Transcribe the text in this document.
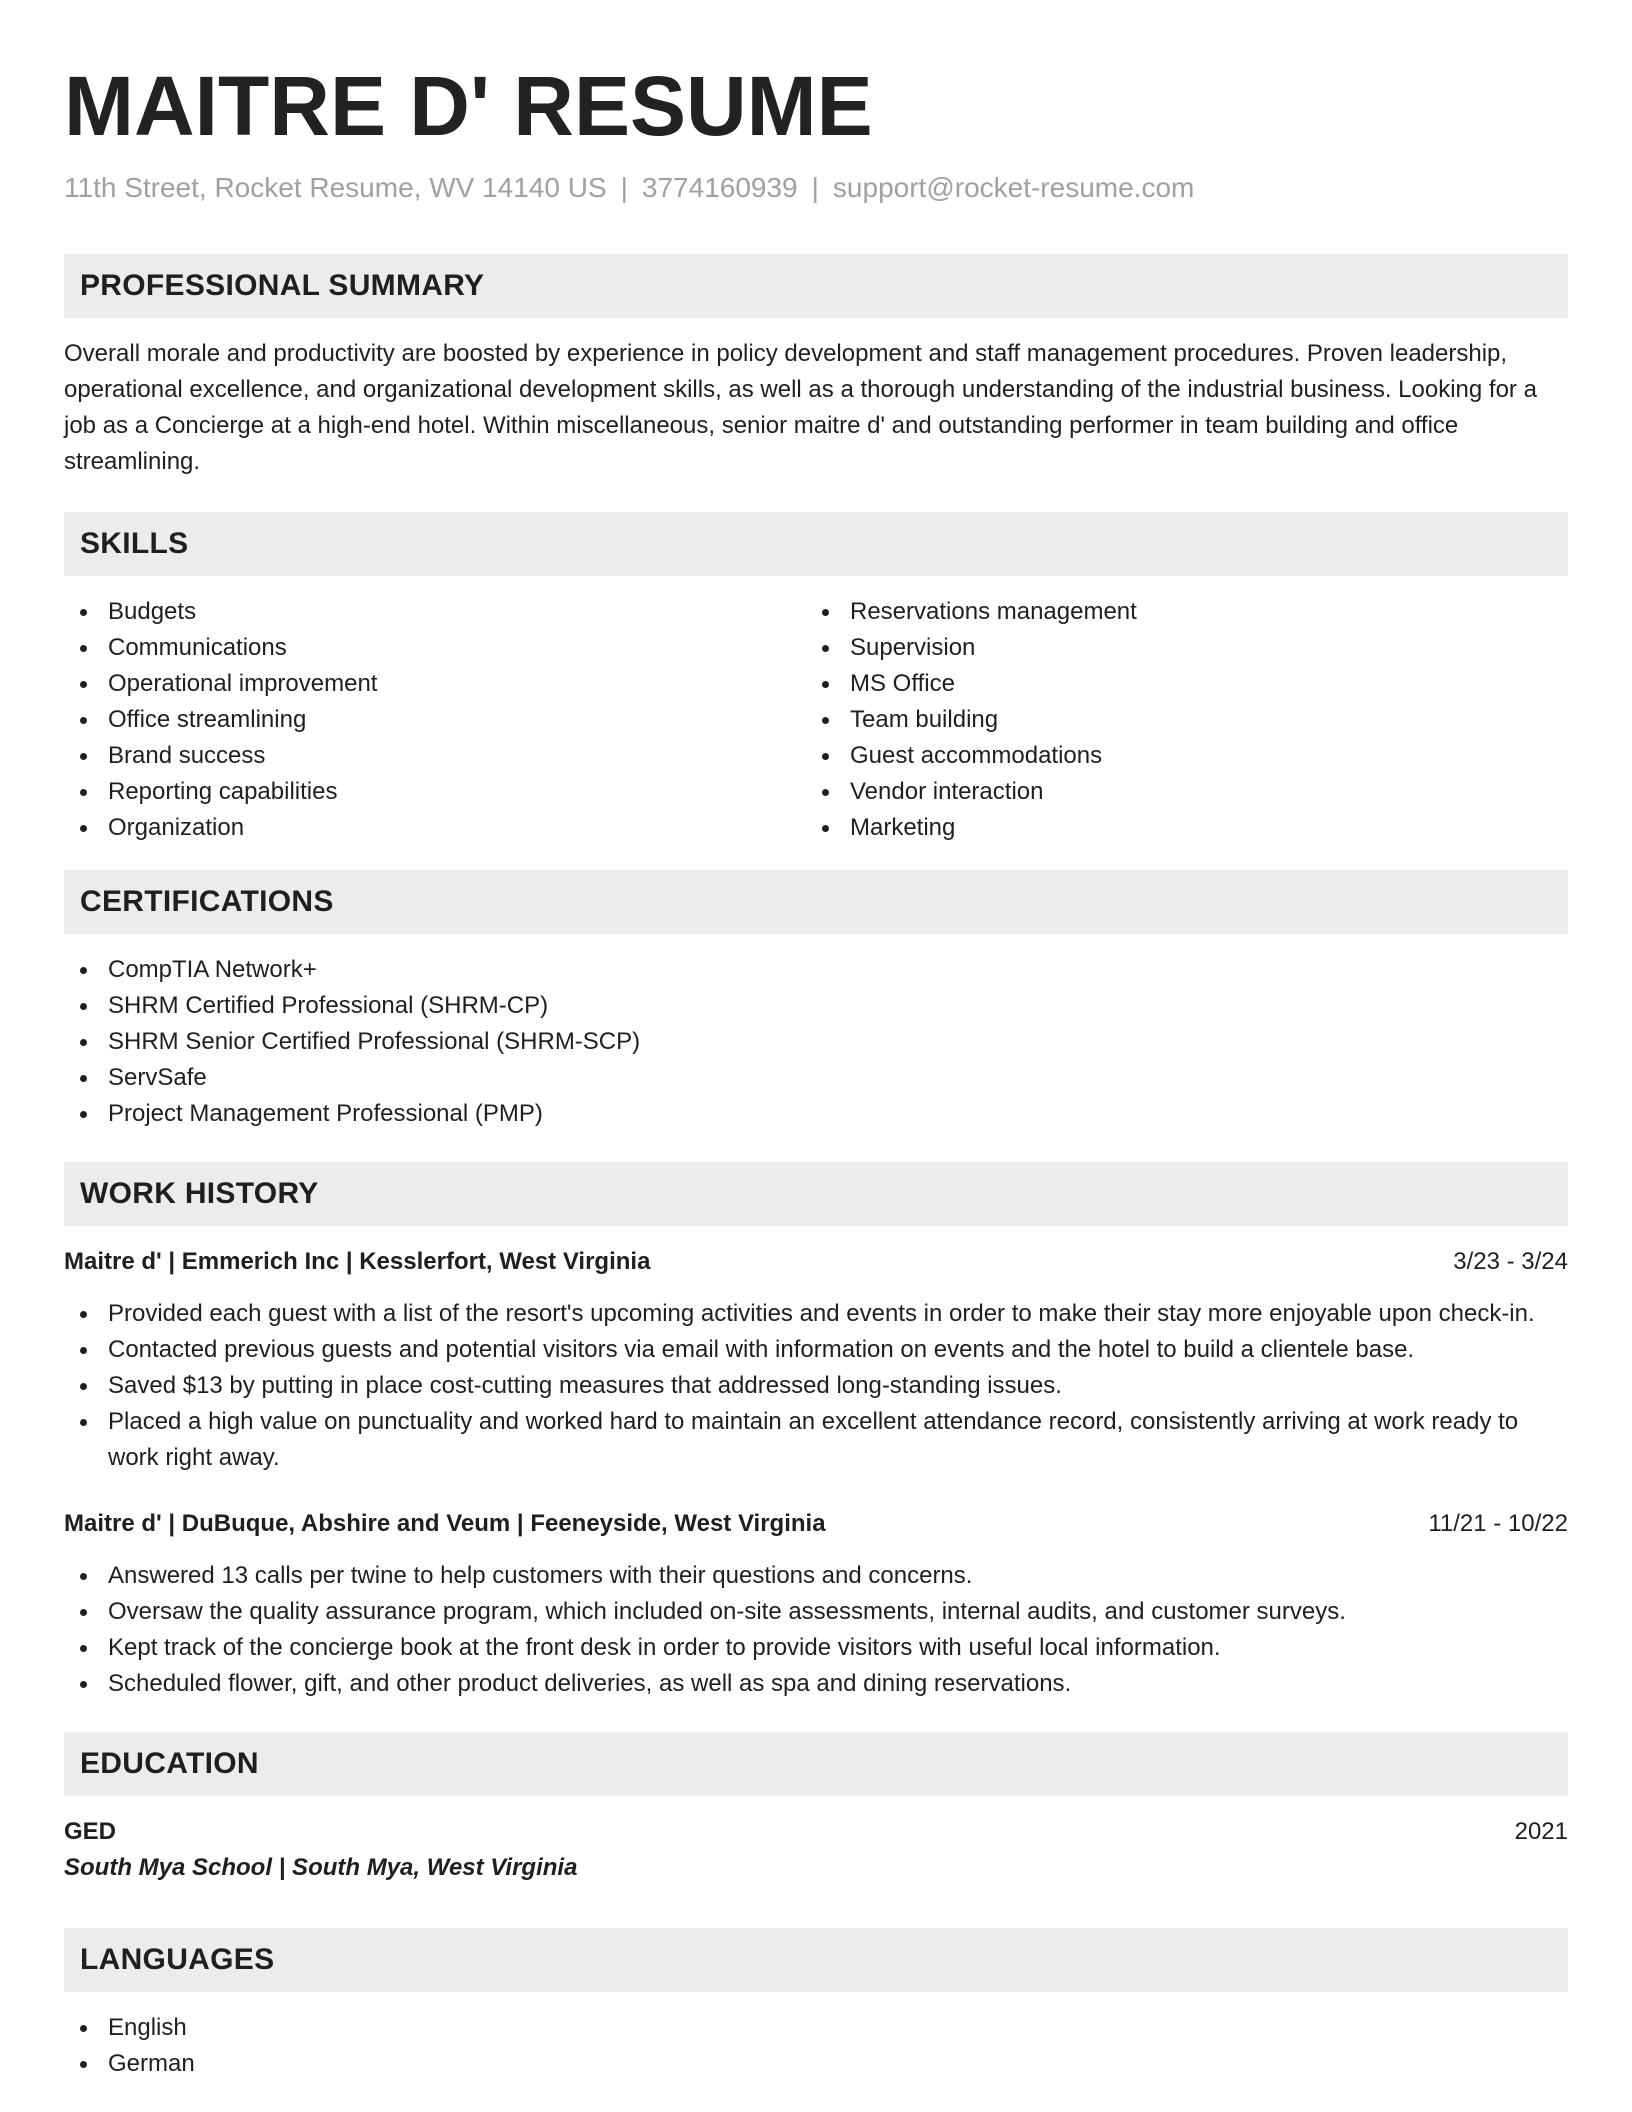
MAITRE D' RESUME
11th Street, Rocket Resume, WV 14140 US | 3774160939 | support@rocket-resume.com
PROFESSIONAL SUMMARY

Overall morale and productivity are boosted by experience in policy development and staff management procedures. Proven leadership, operational excellence, and organizational development skills, as well as a thorough understanding of the industrial business. Looking for a job as a Concierge at a high-end hotel. Within miscellaneous, senior maitre d' and outstanding performer in team building and office streamlining.

SKILLS
Budgets
Communications
Operational improvement
Office streamlining
Brand success
Reporting capabilities
Organization
Reservations management
Supervision
MS Office
Team building
Guest accommodations
Vendor interaction
Marketing
CERTIFICATIONS
CompTIA Network+
SHRM Certified Professional (SHRM-CP)
SHRM Senior Certified Professional (SHRM-SCP)
ServSafe
Project Management Professional (PMP)
WORK HISTORY
Maitre d' | Emmerich Inc | Kesslerfort, West Virginia	3/23 - 3/24
Provided each guest with a list of the resort's upcoming activities and events in order to make their stay more enjoyable upon check-in.
Contacted previous guests and potential visitors via email with information on events and the hotel to build a clientele base.
Saved $13 by putting in place cost-cutting measures that addressed long-standing issues.
Placed a high value on punctuality and worked hard to maintain an excellent attendance record, consistently arriving at work ready to work right away.
Maitre d' | DuBuque, Abshire and Veum | Feeneyside, West Virginia	11/21 - 10/22
Answered 13 calls per twine to help customers with their questions and concerns.
Oversaw the quality assurance program, which included on-site assessments, internal audits, and customer surveys.
Kept track of the concierge book at the front desk in order to provide visitors with useful local information.
Scheduled flower, gift, and other product deliveries, as well as spa and dining reservations.
EDUCATION
GED	2021
South Mya School | South Mya, West Virginia
LANGUAGES
English
German
